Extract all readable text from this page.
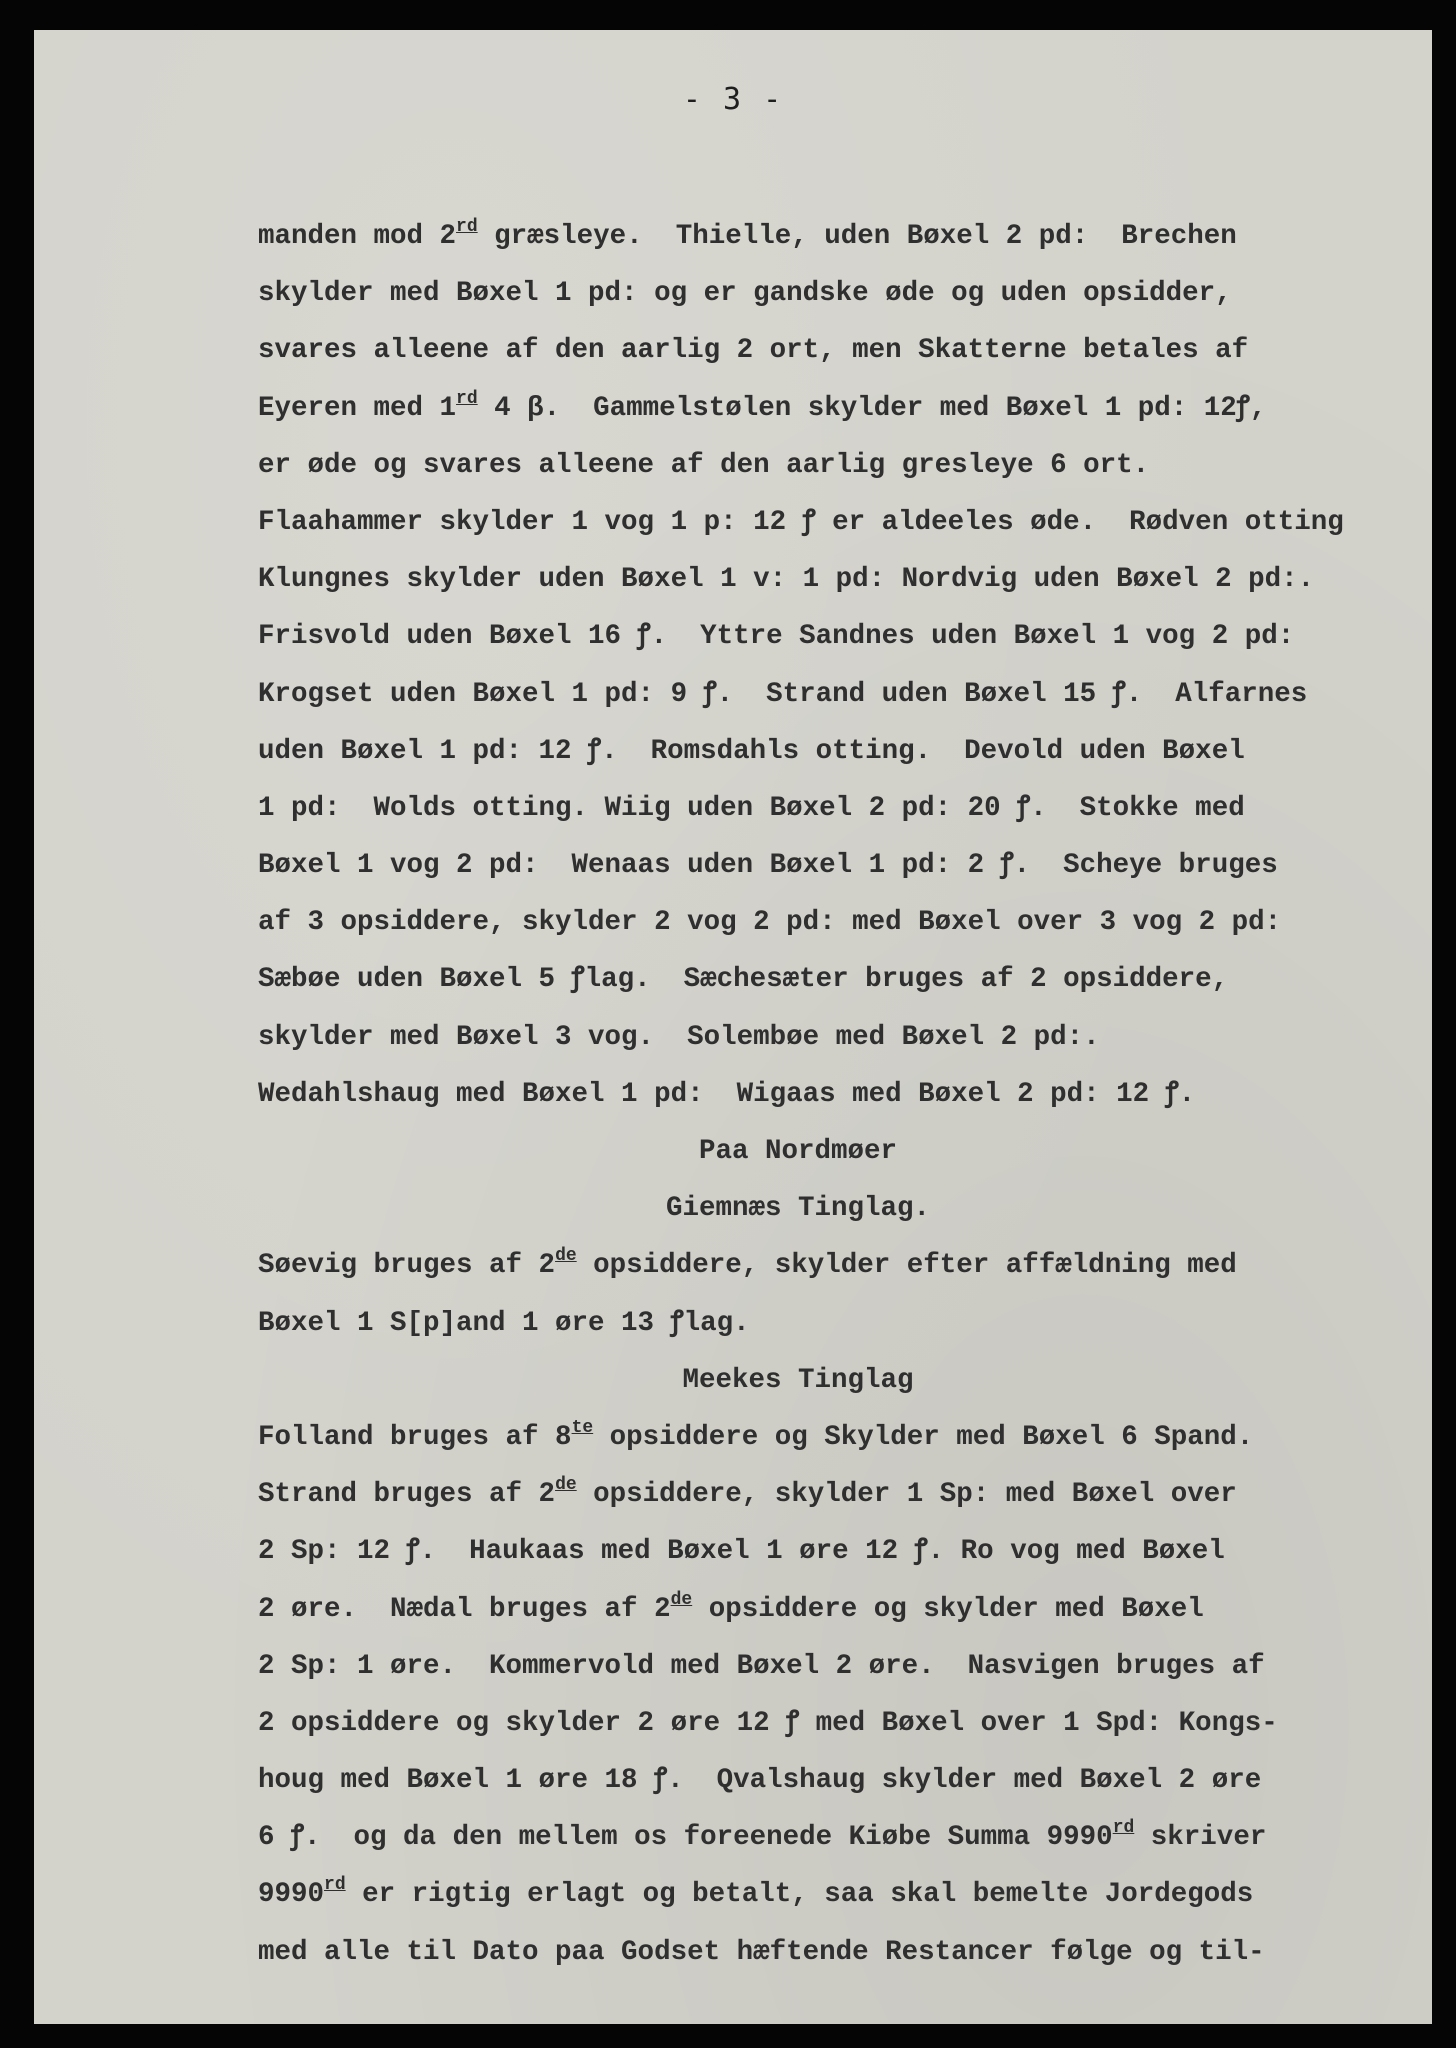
- 3 -
manden mod 2rd græsleye.  Thielle, uden Bøxel 2 pd:  Brechen
skylder med Bøxel 1 pd: og er gandske øde og uden opsidder,
svares alleene af den aarlig 2 ort, men Skatterne betales af
Eyeren med 1rd 4 β.  Gammelstølen skylder med Bøxel 1 pd: 12ꝭ,
er øde og svares alleene af den aarlig gresleye 6 ort.
Flaahammer skylder 1 vog 1 p: 12 ꝭ er aldeeles øde.  Rødven otting
Klungnes skylder uden Bøxel 1 v: 1 pd: Nordvig uden Bøxel 2 pd:.
Frisvold uden Bøxel 16 ꝭ.  Yttre Sandnes uden Bøxel 1 vog 2 pd:
Krogset uden Bøxel 1 pd: 9 ꝭ.  Strand uden Bøxel 15 ꝭ.  Alfarnes
uden Bøxel 1 pd: 12 ꝭ.  Romsdahls otting.  Devold uden Bøxel
1 pd:  Wolds otting. Wiig uden Bøxel 2 pd: 20 ꝭ.  Stokke med
Bøxel 1 vog 2 pd:  Wenaas uden Bøxel 1 pd: 2 ꝭ.  Scheye bruges
af 3 opsiddere, skylder 2 vog 2 pd: med Bøxel over 3 vog 2 pd:
Sæbøe uden Bøxel 5 ꝭlag.  Sæchesæter bruges af 2 opsiddere,
skylder med Bøxel 3 vog.  Solembøe med Bøxel 2 pd:.
Wedahlshaug med Bøxel 1 pd:  Wigaas med Bøxel 2 pd: 12 ꝭ.
Paa Nordmøer
Giemnæs Tinglag.
Søevig bruges af 2de opsiddere, skylder efter affældning med
Bøxel 1 S[p]and 1 øre 13 ꝭlag.
Meekes Tinglag
Folland bruges af $8^{te}$ opsiddere og Skylder med Bøxel 6 Spand.
Strand bruges af 2de opsiddere, skylder 1 Sp: med Bøxel over
2 Sp: 12 ꝭ.  Haukaas med Bøxel 1 øre 12 ꝭ. Ro vog med Bøxel
2 øre.  Nædal bruges af 2de opsiddere og skylder med Bøxel
2 Sp: 1 øre.  Kommervold med Bøxel 2 øre.  Nasvigen bruges af
2 opsiddere og skylder 2 øre 12 ꝭ med Bøxel over 1 Spd: Kongs-
houg med Bøxel 1 øre 18 ꝭ.  Qvalshaug skylder med Bøxel 2 øre
6 ꝭ.  og da den mellem os foreenede Kiøbe Summa 9990rd skriver
9990rd er rigtig erlagt og betalt, saa skal bemelte Jordegods
med alle til Dato paa Godset hæftende Restancer følge og til-
